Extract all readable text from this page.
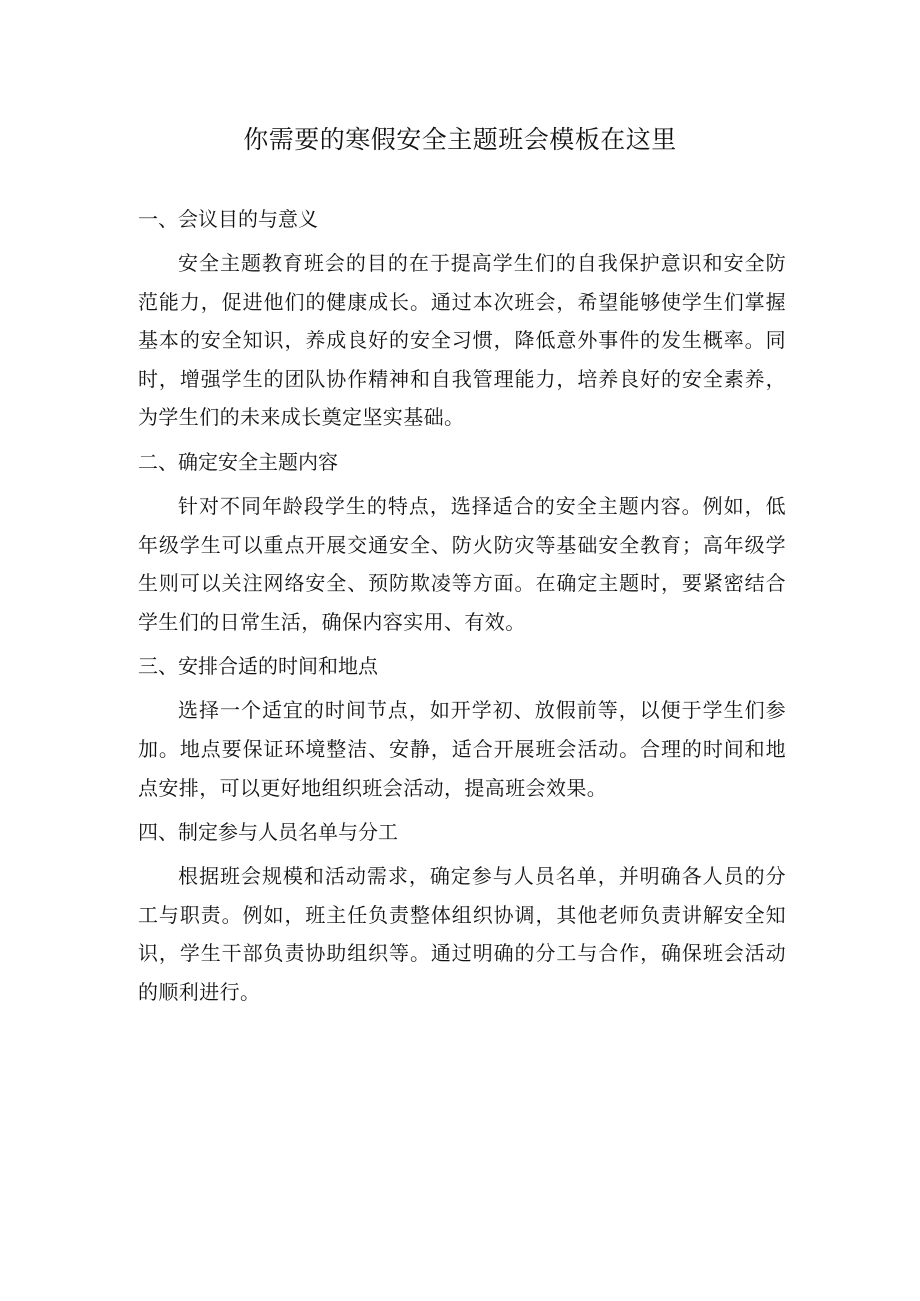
你需要的寒假安全主题班会模板在这里
一、会议目的与意义

安全主题教育班会的目的在于提高学生们的自我保护意识和安全防范能力，促进他们的健康成长。通过本次班会，希望能够使学生们掌握基本的安全知识，养成良好的安全习惯，降低意外事件的发生概率。同时，增强学生的团队协作精神和自我管理能力，培养良好的安全素养，为学生们的未来成长奠定坚实基础。

二、确定安全主题内容

针对不同年龄段学生的特点，选择适合的安全主题内容。例如，低年级学生可以重点开展交通安全、防火防灾等基础安全教育；高年级学生则可以关注网络安全、预防欺凌等方面。在确定主题时，要紧密结合学生们的日常生活，确保内容实用、有效。

三、安排合适的时间和地点

选择一个适宜的时间节点，如开学初、放假前等，以便于学生们参加。地点要保证环境整洁、安静，适合开展班会活动。合理的时间和地点安排，可以更好地组织班会活动，提高班会效果。

四、制定参与人员名单与分工

根据班会规模和活动需求，确定参与人员名单，并明确各人员的分工与职责。例如，班主任负责整体组织协调，其他老师负责讲解安全知识，学生干部负责协助组织等。通过明确的分工与合作，确保班会活动的顺利进行。
